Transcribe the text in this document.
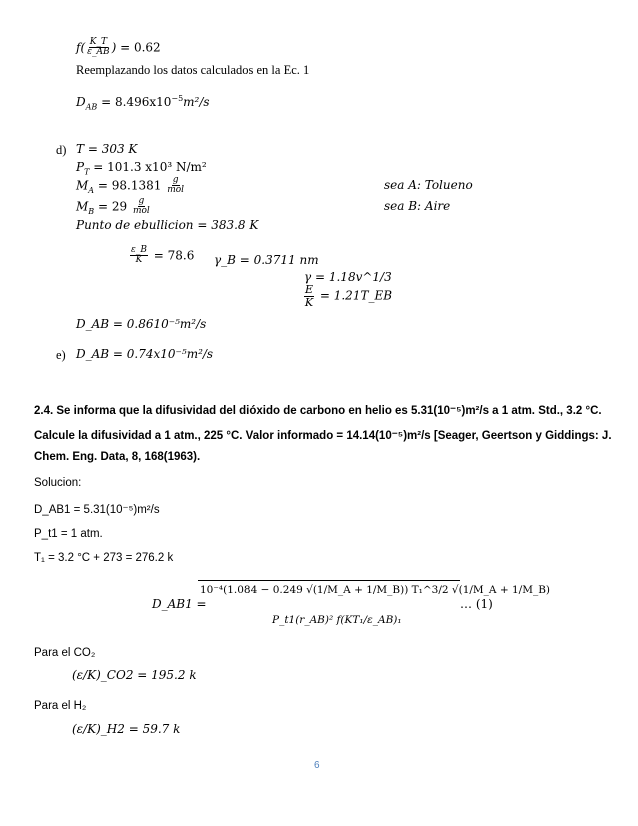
$f( \frac{K\_T}{\varepsilon\_AB}$ ) = 0.62
Reemplazando los datos calculados en la Ec. 1
$D_{AB} = 8.496x10^{-5}m^2/s$
d) T = 303 K
$P_T = 101.3$ x10³ N/m²
$M_A = 98.1381 \frac{g}{\text{mol}}$	sea A: Tolueno
$M_B = 29 \frac{g}{\text{mol}}$	sea B: Aire
Punto de ebullicion = 383.8 K
$\frac{\varepsilon\_B}{K} = 78.6$ γ_B = 0.3711 nm
γ = 1.18v^1/3
$\frac{E}{K}$ = 1.21T_EB
D_AB = 0.8610⁻⁵m²/s
e) D_AB = 0.74x10⁻⁵m²/s
2.4. Se informa que la difusividad del dióxido de carbono en helio es 5.31(10⁻⁵)m²/s a 1 atm. Std., 3.2 °C.
Calcule la difusividad a 1 atm., 225 °C. Valor informado = 14.14(10⁻⁵)m²/s [Seager, Geertson y Giddings: J.
Chem. Eng. Data, 8, 168(1963).
Solucion:
D_AB1 = 5.31(10⁻⁵)m²/s
P_t1 = 1 atm.
T₁ = 3.2 °C + 273 = 276.2 k
D_AB1 =
10⁻⁴(1.084 − 0.249 √(1/M_A + 1/M_B)) T₁^3/2 √(1/M_A + 1/M_B)
P_t1(r_AB)² f(KT₁/ε_AB)₁
… (1)
Para el CO₂
(ε/K)_CO2 = 195.2 k
Para el H₂
(ε/K)_H2 = 59.7 k
6
